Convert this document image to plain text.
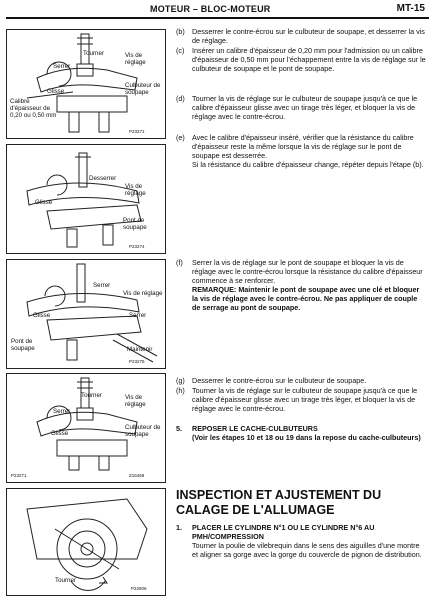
MOTEUR – BLOC-MOTEUR	MT-15
Tourner	Vis de réglage
Serrer
Glisse
Culbuteur de soupape
Calibre d'épaisseur de 0,20 ou 0,50 mm
P23271
Desserrer
Vis de réglage
Glisse
Pont de soupape
P23274
Serrer
Vis de réglage
Serrer
Glisse
Pont de soupape	Maintenir
P23275
Tourner	Vis de réglage
Serrer
Glisse
Culbuteur de soupape
P23271	Z15468
Tourner
P22806
(b) Desserrer le contre-écrou sur le culbuteur de soupape, et desserrer la vis de réglage.
(c) Insérer un calibre d'épaisseur de 0,20 mm pour l'admission ou un calibre d'épaisseur de 0,50 mm pour l'échappement entre la vis de réglage sur le culbuteur de soupape et le pont de soupape.
(d) Tourner la vis de réglage sur le culbuteur de soupape jusqu'à ce que le calibre d'épaisseur glisse avec un tirage très léger, et bloquer la vis de réglage avec le contre-écrou.
(e) Avec le calibre d'épaisseur inséré, vérifier que la résistance du calibre d'épaisseur reste la même lorsque la vis de réglage sur le pont de soupape est desserrée.
Si la résistance du calibre d'épaisseur change, répéter depuis l'étape (b).
(f) Serrer la vis de réglage sur le pont de soupape et bloquer la vis de réglage avec le contre-écrou lorsque la résistance du calibre d'épaisseur commence à se renforcer.
REMARQUE: Maintenir le pont de soupape avec une clé et bloquer la vis de réglage avec le contre-écrou. Ne pas appliquer de couple de serrage au pont de soupape.
(g) Desserrer le contre-écrou sur le culbuteur de soupape.
(h) Tourner la vis de réglage sur le culbuteur de soupape jusqu'à ce que le calibre d'épaisseur glisse avec un tirage très léger, et bloquer la vis de réglage avec le contre-écrou.
5. REPOSER LE CACHE-CULBUTEURS
(Voir les étapes 10 et 18 ou 19 dans la repose du cache-culbuteurs)
INSPECTION ET AJUSTEMENT DU CALAGE DE L'ALLUMAGE
1. PLACER LE CYLINDRE N°1 OU LE CYLINDRE N°6 AU PMH/COMPRESSION
Tourner la poulie de vilebrequin dans le sens des aiguilles d'une montre et aligner sa gorge avec la gorge du couvercle de pignon de distribution.
